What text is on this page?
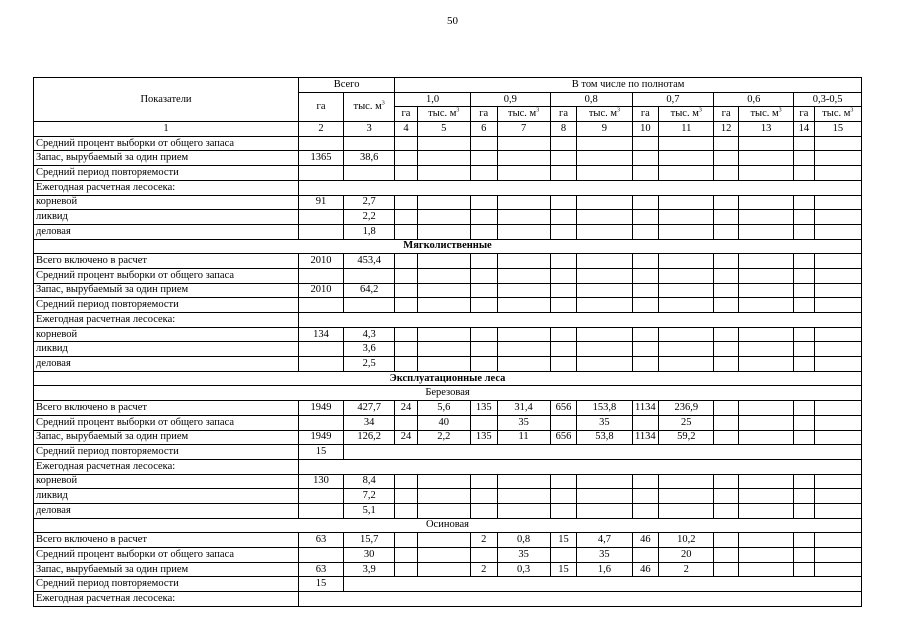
50
Показатели	Всего		В том числе по полнотам											
	га	тыс. $м^3$	1,0		0,9		0,8		0,7		0,6		0,3-0,5	
			га	тыс. $м^3$	га	тыс. $м^3$	га	тыс. $м^3$	га	тыс. $м^3$	га	тыс. $м^3$	га	тыс. $м^3$
1	2	3	4	5	6	7	8	9	10	11	12	13	14	15
Средний процент выборки от общего запаса														
Запас, вырубаемый за один прием	1365	38,6												
Средний период повторяемости														
Ежегодная расчетная лесосека:														
корневой	91	2,7												
ликвид		2,2												
деловая		1,8												
Мягколиственные														
Всего включено в расчет	2010	453,4												
Средний процент выборки от общего запаса														
Запас, вырубаемый за один прием	2010	64,2												
Средний период повторяемости														
Ежегодная расчетная лесосека:														
корневой	134	4,3												
ликвид		3,6												
деловая		2,5												
Эксплуатационные леса														
Березовая														
Всего включено в расчет	1949	427,7	24	5,6	135	31,4	656	153,8	1134	236,9				
Средний процент выборки от общего запаса		34		40		35		35		25				
Запас, вырубаемый за один прием	1949	126,2	24	2,2	135	11	656	53,8	1134	59,2				
Средний период повторяемости	15													
Ежегодная расчетная лесосека:														
корневой	130	8,4												
ликвид		7,2												
деловая		5,1												
Осиновая														
Всего включено в расчет	63	15,7			2	0,8	15	4,7	46	10,2				
Средний процент выборки от общего запаса		30				35		35		20				
Запас, вырубаемый за один прием	63	3,9			2	0,3	15	1,6	46	2				
Средний период повторяемости	15													
Ежегодная расчетная лесосека:														
